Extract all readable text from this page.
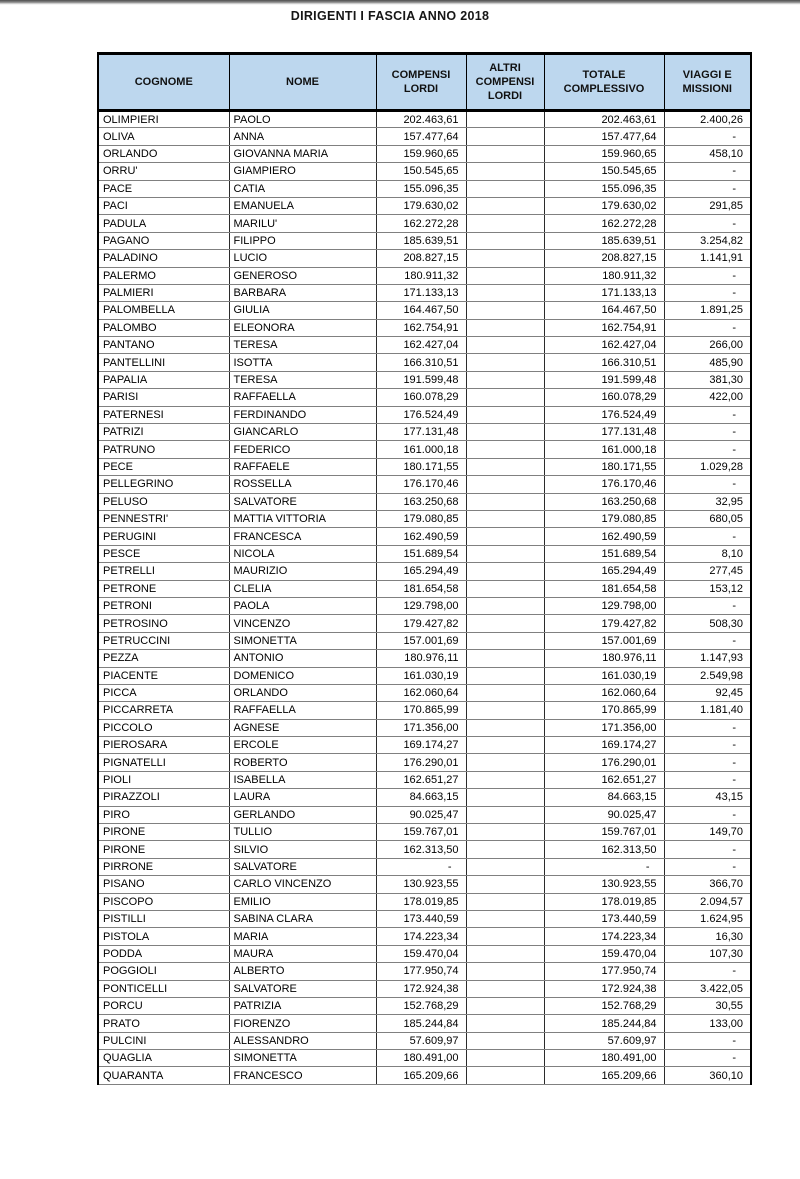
DIRIGENTI I FASCIA ANNO 2018
COGNOME	NOME	COMPENSI LORDI	ALTRI COMPENSI LORDI	TOTALE COMPLESSIVO	VIAGGI E MISSIONI
OLIMPIERI	PAOLO	202.463,61		202.463,61	2.400,26
OLIVA	ANNA	157.477,64		157.477,64	-
ORLANDO	GIOVANNA MARIA	159.960,65		159.960,65	458,10
ORRU'	GIAMPIERO	150.545,65		150.545,65	-
PACE	CATIA	155.096,35		155.096,35	-
PACI	EMANUELA	179.630,02		179.630,02	291,85
PADULA	MARILU'	162.272,28		162.272,28	-
PAGANO	FILIPPO	185.639,51		185.639,51	3.254,82
PALADINO	LUCIO	208.827,15		208.827,15	1.141,91
PALERMO	GENEROSO	180.911,32		180.911,32	-
PALMIERI	BARBARA	171.133,13		171.133,13	-
PALOMBELLA	GIULIA	164.467,50		164.467,50	1.891,25
PALOMBO	ELEONORA	162.754,91		162.754,91	-
PANTANO	TERESA	162.427,04		162.427,04	266,00
PANTELLINI	ISOTTA	166.310,51		166.310,51	485,90
PAPALIA	TERESA	191.599,48		191.599,48	381,30
PARISI	RAFFAELLA	160.078,29		160.078,29	422,00
PATERNESI	FERDINANDO	176.524,49		176.524,49	-
PATRIZI	GIANCARLO	177.131,48		177.131,48	-
PATRUNO	FEDERICO	161.000,18		161.000,18	-
PECE	RAFFAELE	180.171,55		180.171,55	1.029,28
PELLEGRINO	ROSSELLA	176.170,46		176.170,46	-
PELUSO	SALVATORE	163.250,68		163.250,68	32,95
PENNESTRI'	MATTIA VITTORIA	179.080,85		179.080,85	680,05
PERUGINI	FRANCESCA	162.490,59		162.490,59	-
PESCE	NICOLA	151.689,54		151.689,54	8,10
PETRELLI	MAURIZIO	165.294,49		165.294,49	277,45
PETRONE	CLELIA	181.654,58		181.654,58	153,12
PETRONI	PAOLA	129.798,00		129.798,00	-
PETROSINO	VINCENZO	179.427,82		179.427,82	508,30
PETRUCCINI	SIMONETTA	157.001,69		157.001,69	-
PEZZA	ANTONIO	180.976,11		180.976,11	1.147,93
PIACENTE	DOMENICO	161.030,19		161.030,19	2.549,98
PICCA	ORLANDO	162.060,64		162.060,64	92,45
PICCARRETA	RAFFAELLA	170.865,99		170.865,99	1.181,40
PICCOLO	AGNESE	171.356,00		171.356,00	-
PIEROSARA	ERCOLE	169.174,27		169.174,27	-
PIGNATELLI	ROBERTO	176.290,01		176.290,01	-
PIOLI	ISABELLA	162.651,27		162.651,27	-
PIRAZZOLI	LAURA	84.663,15		84.663,15	43,15
PIRO	GERLANDO	90.025,47		90.025,47	-
PIRONE	TULLIO	159.767,01		159.767,01	149,70
PIRONE	SILVIO	162.313,50		162.313,50	-
PIRRONE	SALVATORE	-		-	-
PISANO	CARLO VINCENZO	130.923,55		130.923,55	366,70
PISCOPO	EMILIO	178.019,85		178.019,85	2.094,57
PISTILLI	SABINA CLARA	173.440,59		173.440,59	1.624,95
PISTOLA	MARIA	174.223,34		174.223,34	16,30
PODDA	MAURA	159.470,04		159.470,04	107,30
POGGIOLI	ALBERTO	177.950,74		177.950,74	-
PONTICELLI	SALVATORE	172.924,38		172.924,38	3.422,05
PORCU	PATRIZIA	152.768,29		152.768,29	30,55
PRATO	FIORENZO	185.244,84		185.244,84	133,00
PULCINI	ALESSANDRO	57.609,97		57.609,97	-
QUAGLIA	SIMONETTA	180.491,00		180.491,00	-
QUARANTA	FRANCESCO	165.209,66		165.209,66	360,10
